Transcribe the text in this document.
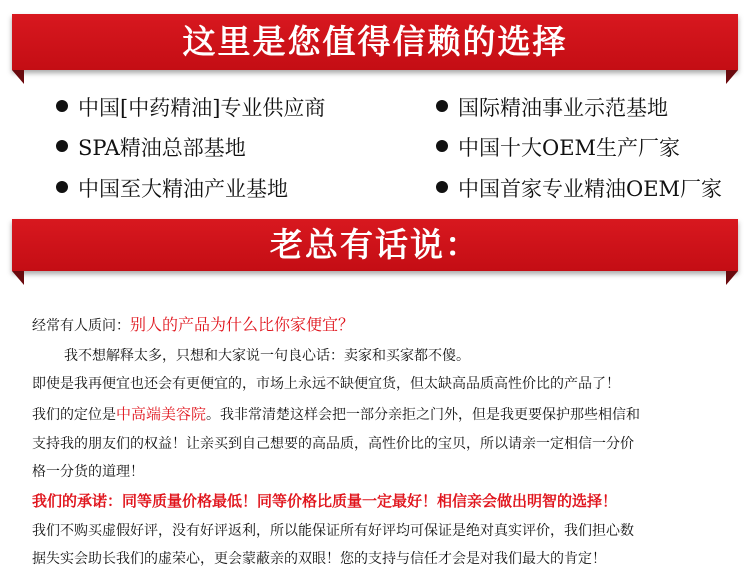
这里是您值得信赖的选择
中国[中药精油]专业供应商	国际精油事业示范基地
SPA精油总部基地	中国十大OEM生产厂家
中国至大精油产业基地	中国首家专业精油OEM厂家
老总有话说：
经常有人质问：别人的产品为什么比你家便宜？
我不想解释太多，只想和大家说一句良心话：卖家和买家都不傻。
即使是我再便宜也还会有更便宜的，市场上永远不缺便宜货，但太缺高品质高性价比的产品了！
我们的定位是中高端美容院。我非常清楚这样会把一部分亲拒之门外，但是我更要保护那些相信和
支持我的朋友们的权益！让亲买到自己想要的高品质，高性价比的宝贝，所以请亲一定相信一分价
格一分货的道理！
我们的承诺：同等质量价格最低！同等价格比质量一定最好！相信亲会做出明智的选择！
我们不购买虚假好评，没有好评返利，所以能保证所有好评均可保证是绝对真实评价，我们担心数
据失实会助长我们的虚荣心，更会蒙蔽亲的双眼！您的支持与信任才会是对我们最大的肯定！
